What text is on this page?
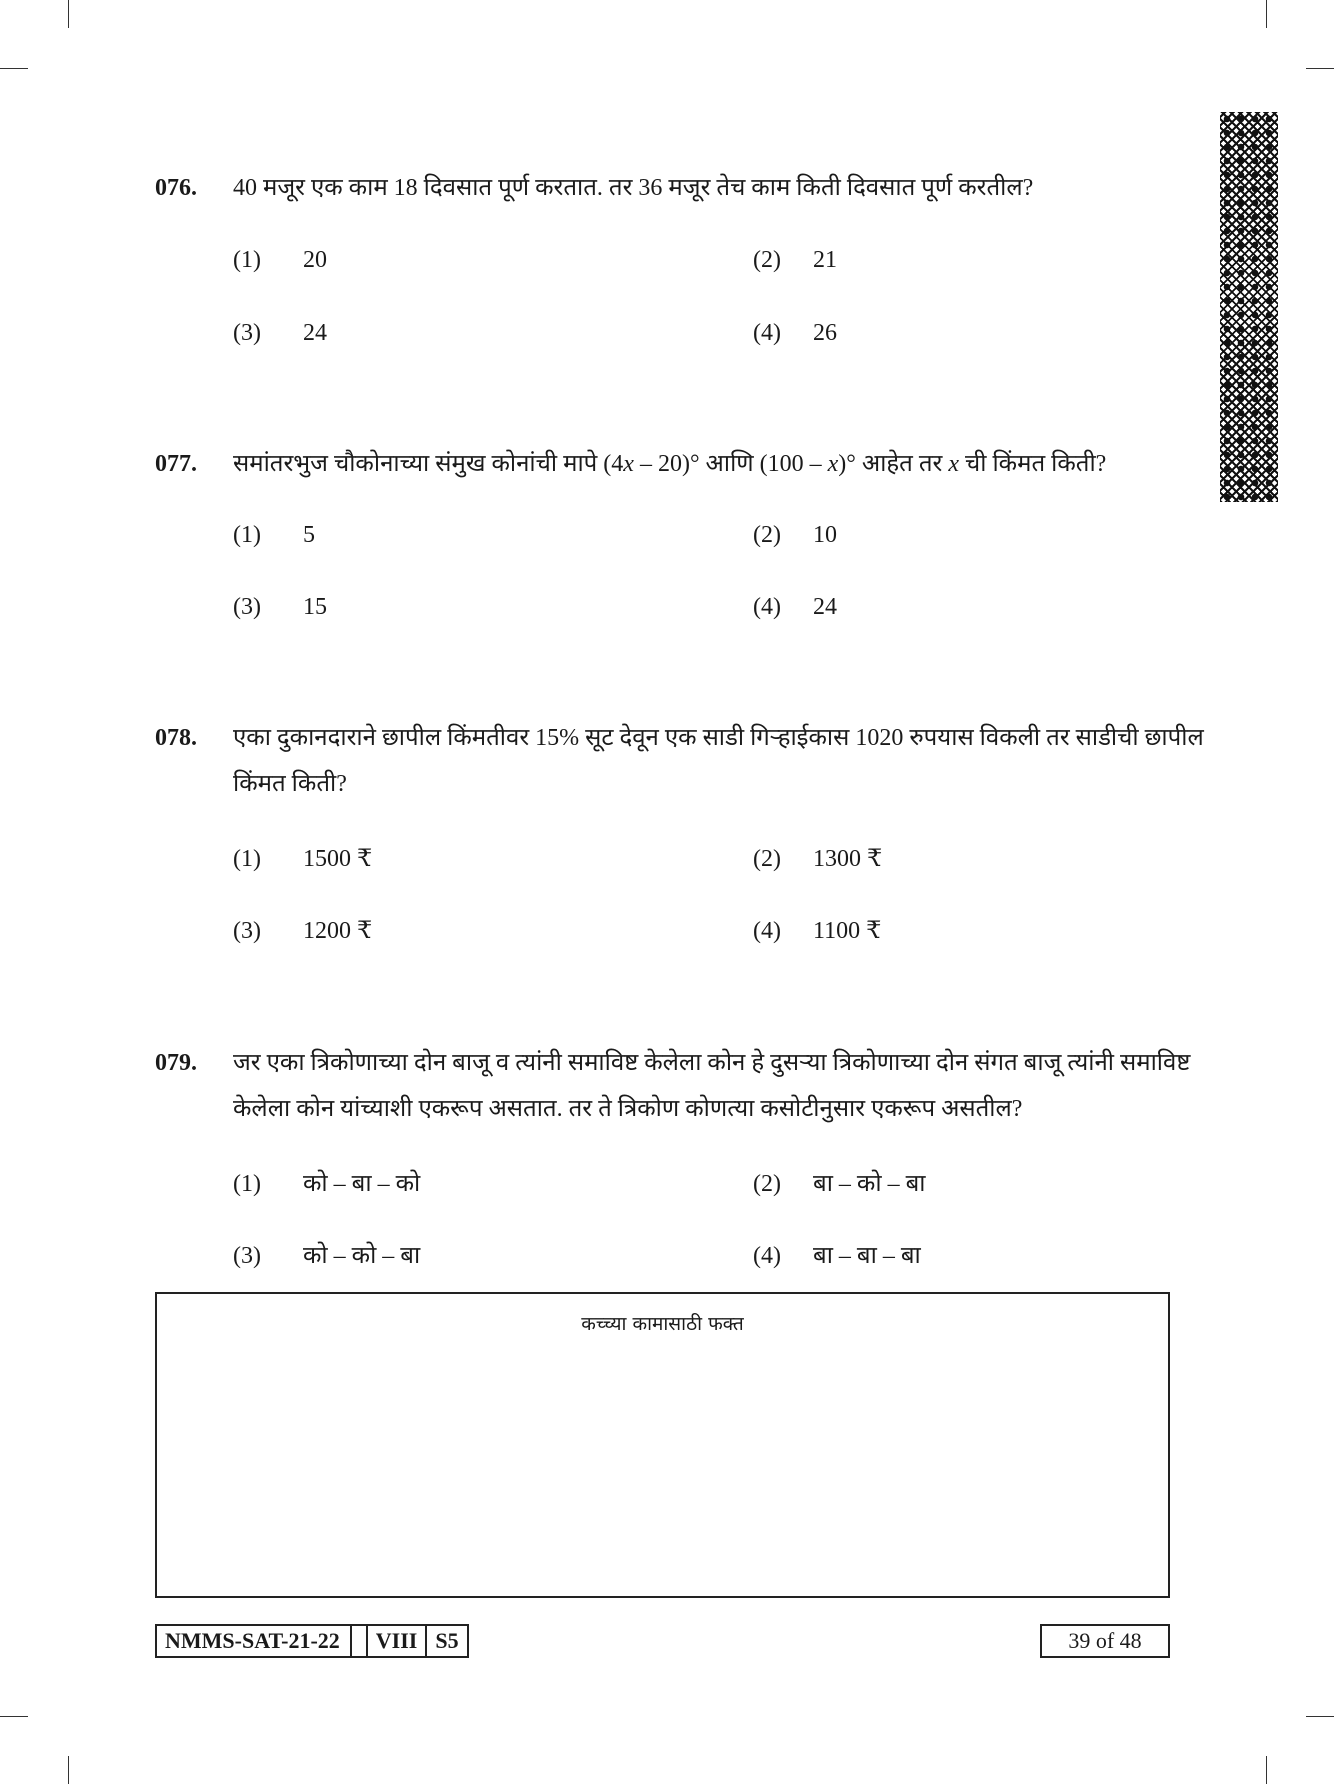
076.	40 मजूर एक काम 18 दिवसात पूर्ण करतात. तर 36 मजूर तेच काम किती दिवसात पूर्ण करतील?
(1) 20	(2) 21
(3) 24	(4) 26
077.	समांतरभुज चौकोनाच्या संमुख कोनांची मापे (4x – 20)° आणि (100 – x)° आहेत तर x ची किंमत किती?
(1) 5	(2) 10
(3) 15	(4) 24
078.	एका दुकानदाराने छापील किंमतीवर 15% सूट देवून एक साडी गिऱ्हाईकास 1020 रुपयास विकली तर साडीची छापील किंमत किती?
(1) 1500 ₹	(2) 1300 ₹
(3) 1200 ₹	(4) 1100 ₹
079.	जर एका त्रिकोणाच्या दोन बाजू व त्यांनी समाविष्ट केलेला कोन हे दुसऱ्या त्रिकोणाच्या दोन संगत बाजू त्यांनी समाविष्ट केलेला कोन यांच्याशी एकरूप असतात. तर ते त्रिकोण कोणत्या कसोटीनुसार एकरूप असतील?
(1) को – बा – को	(2) बा – को – बा
(3) को – को – बा	(4) बा – बा – बा
कच्च्या कामासाठी फक्त
NMMS-SAT-21-22	VIII S5	39 of 48
